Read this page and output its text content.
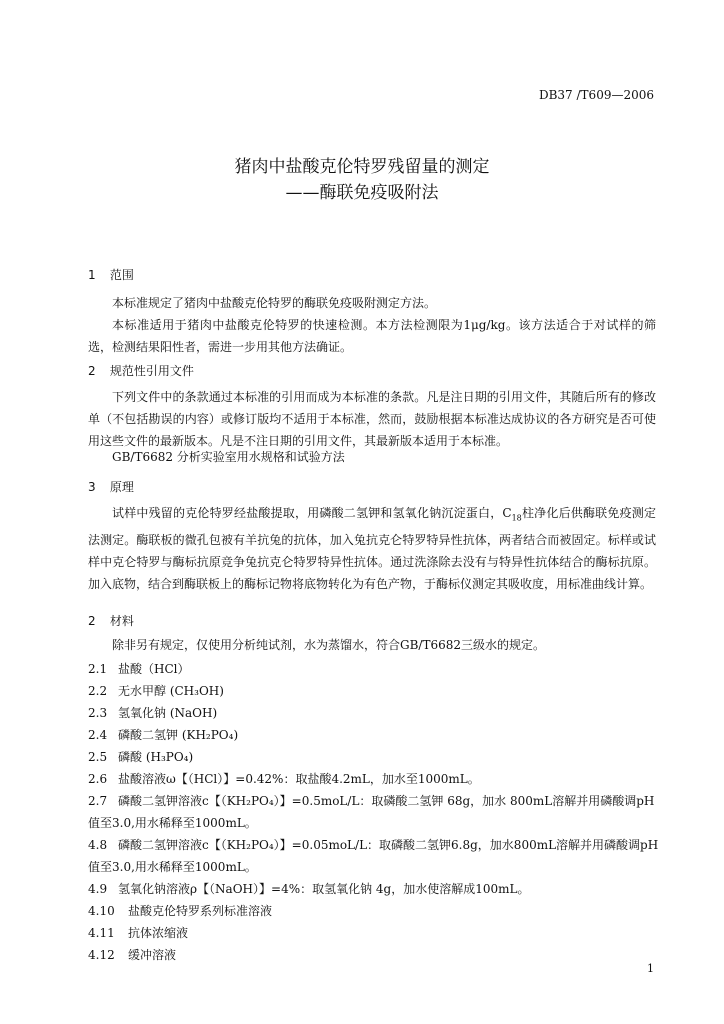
DB37 /T609—2006
猪肉中盐酸克伦特罗残留量的测定
——酶联免疫吸附法
1 范围

本标准规定了猪肉中盐酸克伦特罗的酶联免疫吸附测定方法。

本标准适用于猪肉中盐酸克伦特罗的快速检测。本方法检测限为1μg/kg。该方法适合于对试样的筛选，检测结果阳性者，需进一步用其他方法确证。

2 规范性引用文件

下列文件中的条款通过本标准的引用而成为本标准的条款。凡是注日期的引用文件，其随后所有的修改单（不包括勘误的内容）或修订版均不适用于本标准，然而，鼓励根据本标准达成协议的各方研究是否可使用这些文件的最新版本。凡是不注日期的引用文件，其最新版本适用于本标准。

GB/T6682 分析实验室用水规格和试验方法

3 原理

试样中残留的克伦特罗经盐酸提取，用磷酸二氢钾和氢氧化钠沉淀蛋白，$C_{18}$柱净化后供酶联免疫测定法测定。酶联板的微孔包被有羊抗兔的抗体，加入兔抗克仑特罗特异性抗体，两者结合而被固定。标样或试样中克仑特罗与酶标抗原竞争兔抗克仑特罗特异性抗体。通过洗涤除去没有与特异性抗体结合的酶标抗原。加入底物，结合到酶联板上的酶标记物将底物转化为有色产物，于酶标仪测定其吸收度，用标准曲线计算。

2 材料

除非另有规定，仅使用分析纯试剂，水为蒸馏水，符合GB/T6682三级水的规定。

2.1 盐酸（HCl）
2.2 无水甲醇 (CH₃OH)
2.3 氢氧化钠 (NaOH)
2.4 磷酸二氢钾 (KH₂PO₄)
2.5 磷酸 (H₃PO₄)
2.6 盐酸溶液ω【（HCl）】=0.42%：取盐酸4.2mL，加水至1000mL。
2.7 磷酸二氢钾溶液c【（KH₂PO₄）】=0.5moL/L：取磷酸二氢钾 68g，加水 800mL溶解并用磷酸调pH
值至3.0,用水稀释至1000mL。
4.8 磷酸二氢钾溶液c【（KH₂PO₄）】=0.05moL/L：取磷酸二氢钾6.8g，加水800mL溶解并用磷酸调pH
值至3.0,用水稀释至1000mL。
4.9 氢氧化钠溶液ρ【（NaOH）】=4%：取氢氧化钠 4g，加水使溶解成100mL。
4.10 盐酸克伦特罗系列标准溶液
4.11 抗体浓缩液
4.12 缓冲溶液
1
